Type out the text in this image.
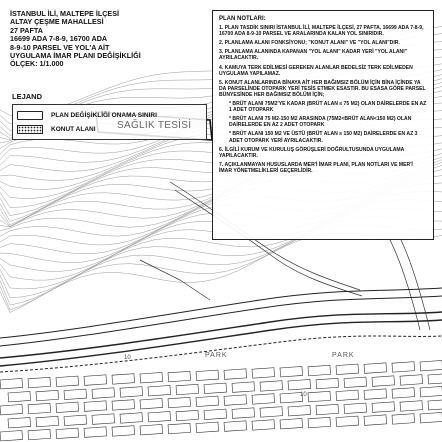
İSTANBUL İLİ, MALTEPE İLÇESİ
ALTAY ÇEŞME MAHALLESİ
27 PAFTA
16699 ADA 7-8-9, 16700 ADA
8-9-10 PARSEL VE YOL'A AİT
UYGULAMA İMAR PLANI DEĞİŞİKLİĞİ
ÖLÇEK: 1/1.000
LEJAND
PLAN DEĞİŞİKLİĞİ ONAMA SINIRI
KONUT ALANI SAĞLIK TESİSİ
PARK	PARK
10
10
PLAN NOTLARI:
1. PLAN TASDİK SINIRI İSTANBUL İLİ, MALTEPE İLÇESİ, 27 PAFTA, 16699 ADA 7-8-9, 16700 ADA 8-9-10 PARSEL VE ARALARINDA KALAN YOL SINIRIDIR.
2. PLANLAMA ALANI FONKSİYONU; "KONUT ALANI" VE "YOL ALANI"DIR.
3. PLANLAMA ALANINDA KAPANAN "YOL ALANI" KADAR YERİ "YOL ALANI" AYRILACAKTIR.
4. KAMUYA TERK EDİLMESİ GEREKEN ALANLAR BEDELSİZ TERK EDİLMEDEN UYGULAMA YAPILAMAZ.
5. KONUT ALANLARINDA BİNAYA AİT HER BAĞIMSIZ BÖLÜM İÇİN BİNA İÇİNDE YA DA PARSELİNDE OTOPARK YERİ TESİS ETMEK ESASTIR. BU ESASA GÖRE PARSEL BÜNYESİNDE HER BAĞIMSIZ BÖLÜM İÇİN;
* BRÜT ALANI 75M2'YE KADAR (BRÜT ALAN ≤ 75 M2) OLAN DAİRELERDE EN AZ 1 ADET OTOPARK
* BRÜT ALANI 75 M2-150 M2 ARASINDA (75M2<BRÜT ALAN<150 M2) OLAN DAİRELERDE EN AZ 2 ADET OTOPARK
* BRÜT ALANI 150 M2 VE ÜSTÜ (BRÜT ALAN ≥ 150 M2) DAİRELERDE EN AZ 3 ADET OTOPARK YERİ AYRILACAKTIR.
6. İLGİLİ KURUM VE KURULUŞ GÖRÜŞLERİ DOĞRULTUSUNDA UYGULAMA YAPILACAKTIR.
7. AÇIKLANMAYAN HUSUSLARDA MER'İ İMAR PLANI, PLAN NOTLARI VE MER'İ İMAR YÖNETMELİKLERİ GEÇERLİDİR.
